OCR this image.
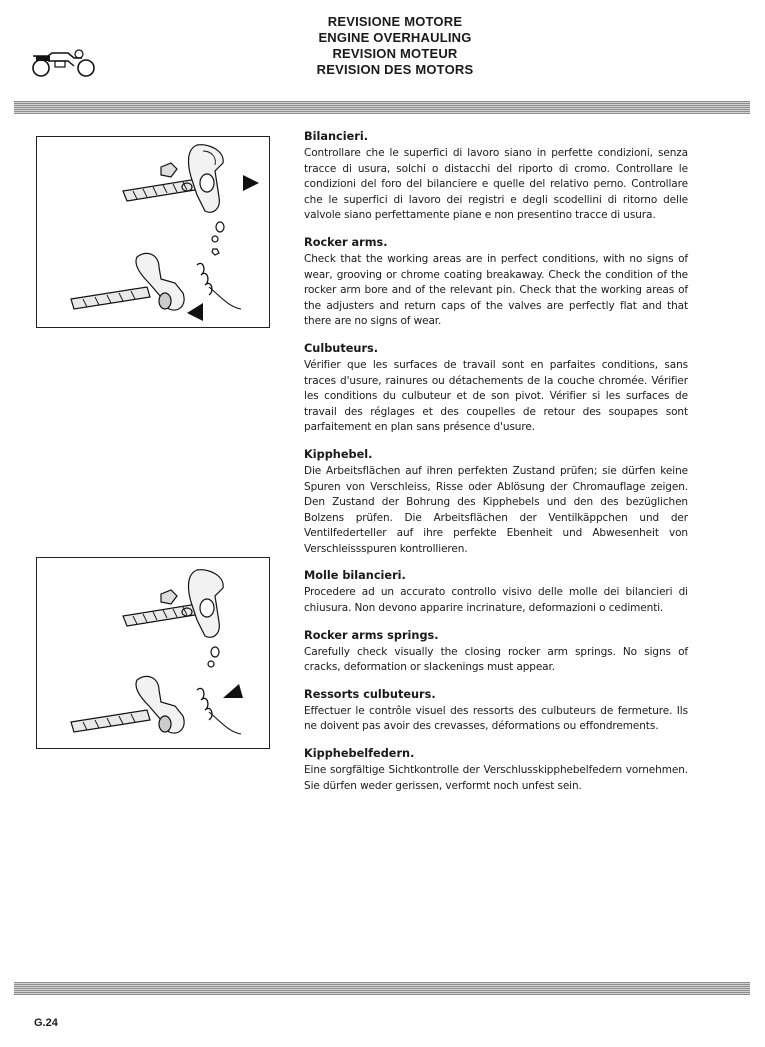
REVISIONE MOTORE
ENGINE OVERHAULING
REVISION MOTEUR
REVISION DES MOTORS
Bilancieri.

Controllare che le superfici di lavoro siano in perfette condizioni, senza tracce di usura, solchi o distacchi del riporto di cromo. Controllare le condizioni del foro del bilanciere e quelle del relativo perno. Controllare che le superfici di lavoro dei registri e degli scodellini di ritorno delle valvole siano perfettamente piane e non presentino tracce di usura.

Rocker arms.

Check that the working areas are in perfect conditions, with no signs of wear, grooving or chrome coating breakaway. Check the condition of the rocker arm bore and of the relevant pin. Check that the working areas of the adjusters and return caps of the valves are perfectly flat and that there are no signs of wear.

Culbuteurs.

Vérifier que les surfaces de travail sont en parfaites conditions, sans traces d'usure, rainures ou détachements de la couche chromée. Vérifier les conditions du culbuteur et de son pivot. Vérifier si les surfaces de travail des réglages et des coupelles de retour des soupapes sont parfaitement en plan sans présence d'usure.

Kipphebel.

Die Arbeitsflächen auf ihren perfekten Zustand prüfen; sie dürfen keine Spuren von Verschleiss, Risse oder Ablösung der Chromauflage zeigen. Den Zustand der Bohrung des Kipphebels und den des bezüglichen Bolzens prüfen. Die Arbeitsflächen der Ventilkäppchen und der Ventilfederteller auf ihre perfekte Ebenheit und Abwesenheit von Verschleissspuren kontrollieren.

Molle bilancieri.

Procedere ad un accurato controllo visivo delle molle dei bilancieri di chiusura. Non devono apparire incrinature, deformazioni o cedimenti.

Rocker arms springs.

Carefully check visually the closing rocker arm springs. No signs of cracks, deformation or slackenings must appear.

Ressorts culbuteurs.

Effectuer le contrôle visuel des ressorts des culbuteurs de fermeture. Ils ne doivent pas avoir des crevasses, déformations ou effondrements.

Kipphebelfedern.

Eine sorgfältige Sichtkontrolle der Verschlusskipphebelfedern vornehmen. Sie dürfen weder gerissen, verformt noch unfest sein.

G.24
